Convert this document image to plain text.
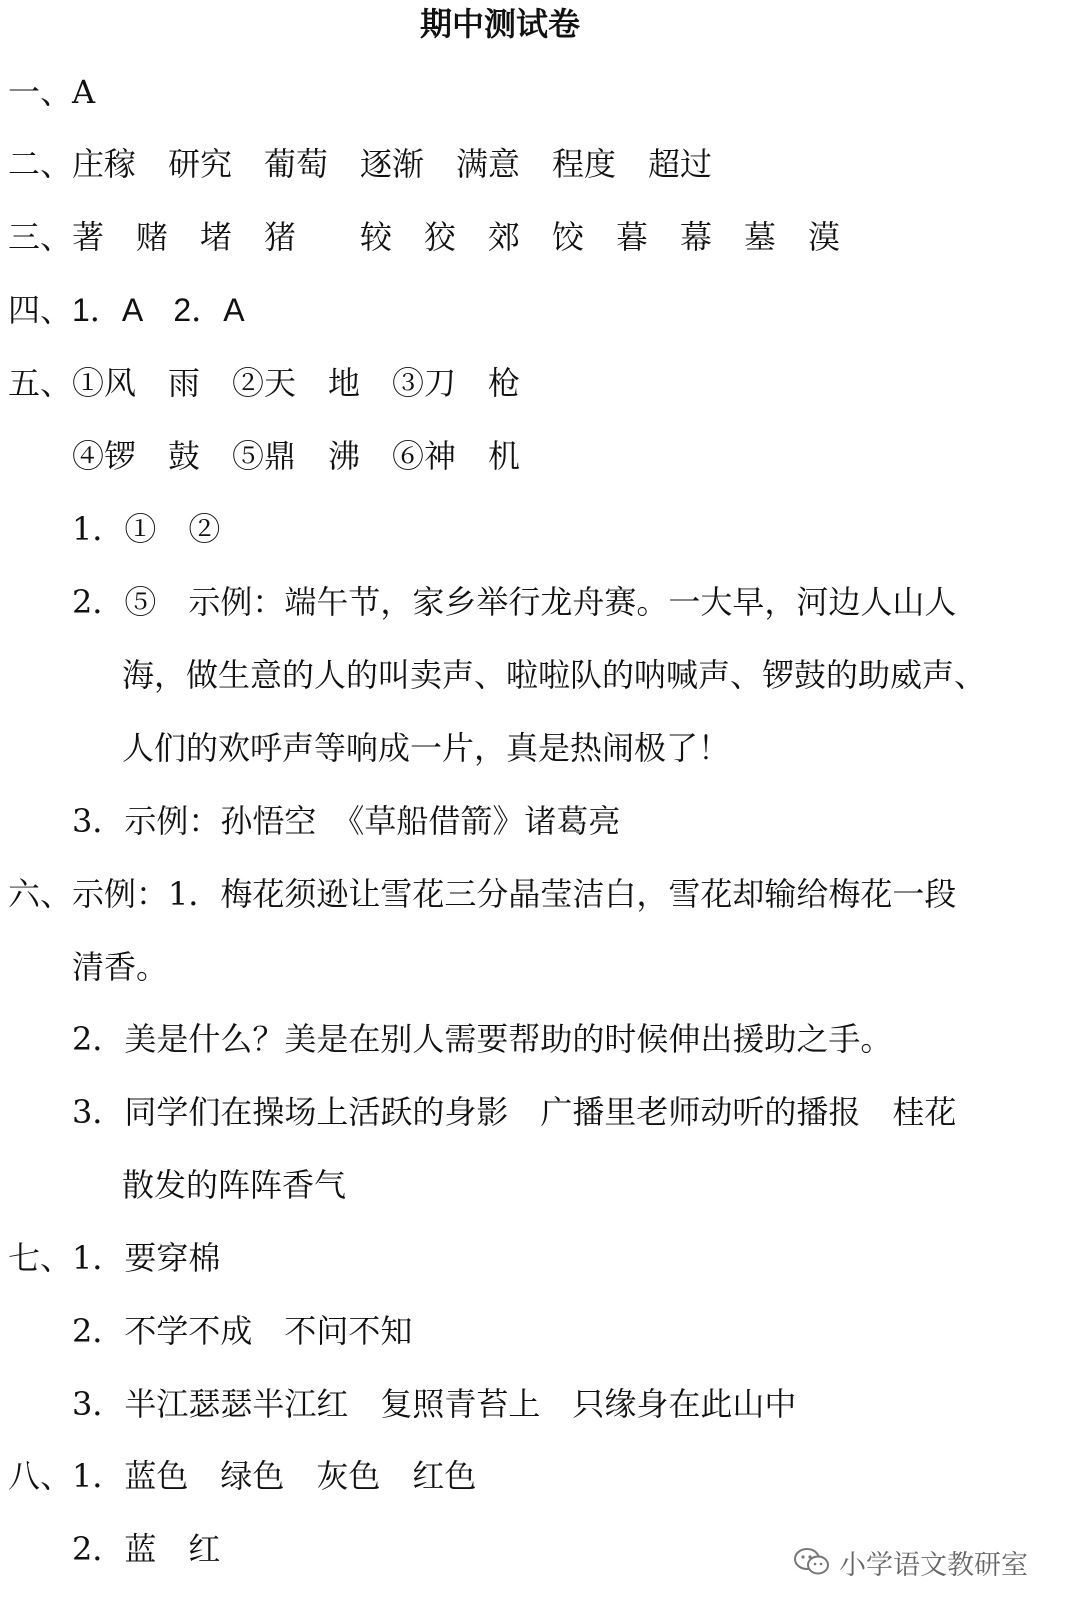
期中测试卷
一、A
二、庄稼　研究　葡萄　逐渐　满意　程度　超过
三、著　赌　堵　猪　　较　狡　郊　饺　暮　幕　墓　漠
四、1．A　2．A
五、①风　雨　②天　地　③刀　枪
④锣　鼓　⑤鼎　沸　⑥神　机
1．①　②
2．⑤　示例：端午节，家乡举行龙舟赛。一大早，河边人山人
海，做生意的人的叫卖声、啦啦队的呐喊声、锣鼓的助威声、
人们的欢呼声等响成一片，真是热闹极了！
3．示例：孙悟空　《草船借箭》诸葛亮
六、示例：1．梅花须逊让雪花三分晶莹洁白，雪花却输给梅花一段
清香。
2．美是什么？美是在别人需要帮助的时候伸出援助之手。
3．同学们在操场上活跃的身影　广播里老师动听的播报　桂花
散发的阵阵香气
七、1．要穿棉
2．不学不成　不问不知
3．半江瑟瑟半江红　复照青苔上　只缘身在此山中
八、1．蓝色　绿色　灰色　红色
2．蓝　红	小学语文教研室
